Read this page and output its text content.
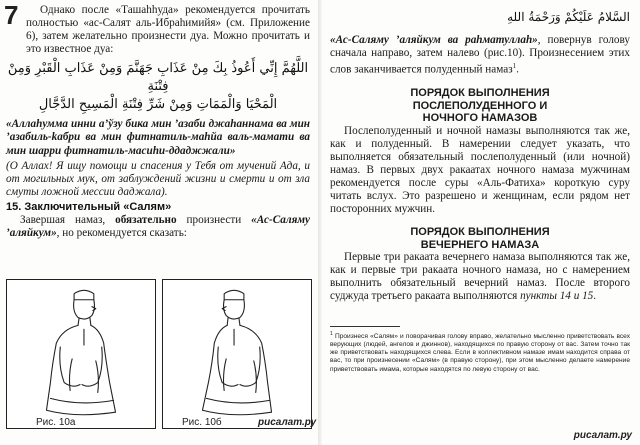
7	Однако после «Ташаhhуда» рекомендуется прочитать полностью «ас-Салят аль-Ибраhимийя» (см. Приложение 6), затем желательно произнести дуа. Можно прочитать и это известное дуа:

اللَّهُمَّ إِنِّي أَعُوذُ بِكَ مِنْ عَذَابِ جَهَنَّمَ وَمِنْ عَذَابِ الْقَبْرِ وَمِنْ فِتْنَةِ
الْمَحْيَا وَالْمَمَاتِ وَمِنْ شَرِّ فِتْنَةِ الْمَسِيحِ الدَّجَّالِ

«Аллаhумма инни а’ўзу бика мин ’азаби джаhаннама ва мин ’азабиль-kабри ва мин фитнатиль-маhйа валь-мамати ва мин шарри фитнатиль-масиhи-ддаджжали»

(О Аллах! Я ищу помощи и спасения у Тебя от мучений Ада, и от могильных мук, от заблуждений жизни и смерти и от зла смуты ложной мессии даджала).

15. Заключительный «Салям»

Завершая намаз, обязательно произнести «Ас-Саляму ’аляйкум», но рекомендуется сказать:

Рис. 10а	Рис. 10б	рисалат.ру
السَّلامُ عَلَيْكُمْ وَرَحْمَةُ اللهِ

«Ас-Саляму ’аляйкум ва раhматуллаh», повернув голову сначала направо, затем налево (рис.10). Произнесением этих слов заканчивается полуденный намаз$^1$.

ПОРЯДОК ВЫПОЛНЕНИЯ
ПОСЛЕПОЛУДЕННОГО И
НОЧНОГО НАМАЗОВ

Послеполуденный и ночной намазы выполняются так же, как и полуденный. В намерении следует указать, что выполняется обязательный послеполуденный (или ночной) намаз. В первых двух ракаатах ночного намаза мужчинам рекомендуется после суры «Аль-Фатиха» короткую суру читать вслух. Это разрешено и женщинам, если рядом нет посторонних мужчин.

ПОРЯДОК ВЫПОЛНЕНИЯ
ВЕЧЕРНЕГО НАМАЗА

Первые три ракаата вечернего намаза выполняются так же, как и первые три ракаата ночного намаза, но с намерением выполнить обязательный вечерний намаз. После второго суджуда третьего ракаата выполняются пункты 14 и 15.

$^1$ Произнеся «Салям» и поворачивая голову вправо, желательно мысленно приветствовать всех верующих (людей, ангелов и джиннов), находящихся по правую сторону от вас. Затем точно так же приветствовать находящихся слева. Если в коллективном намазе имам находится справа от вас, то при произнесении «Салям» (в правую сторону), при этом мысленно делаете намерение приветствовать имама, которые находятся по левую сторону от вас.

рисалат.ру
